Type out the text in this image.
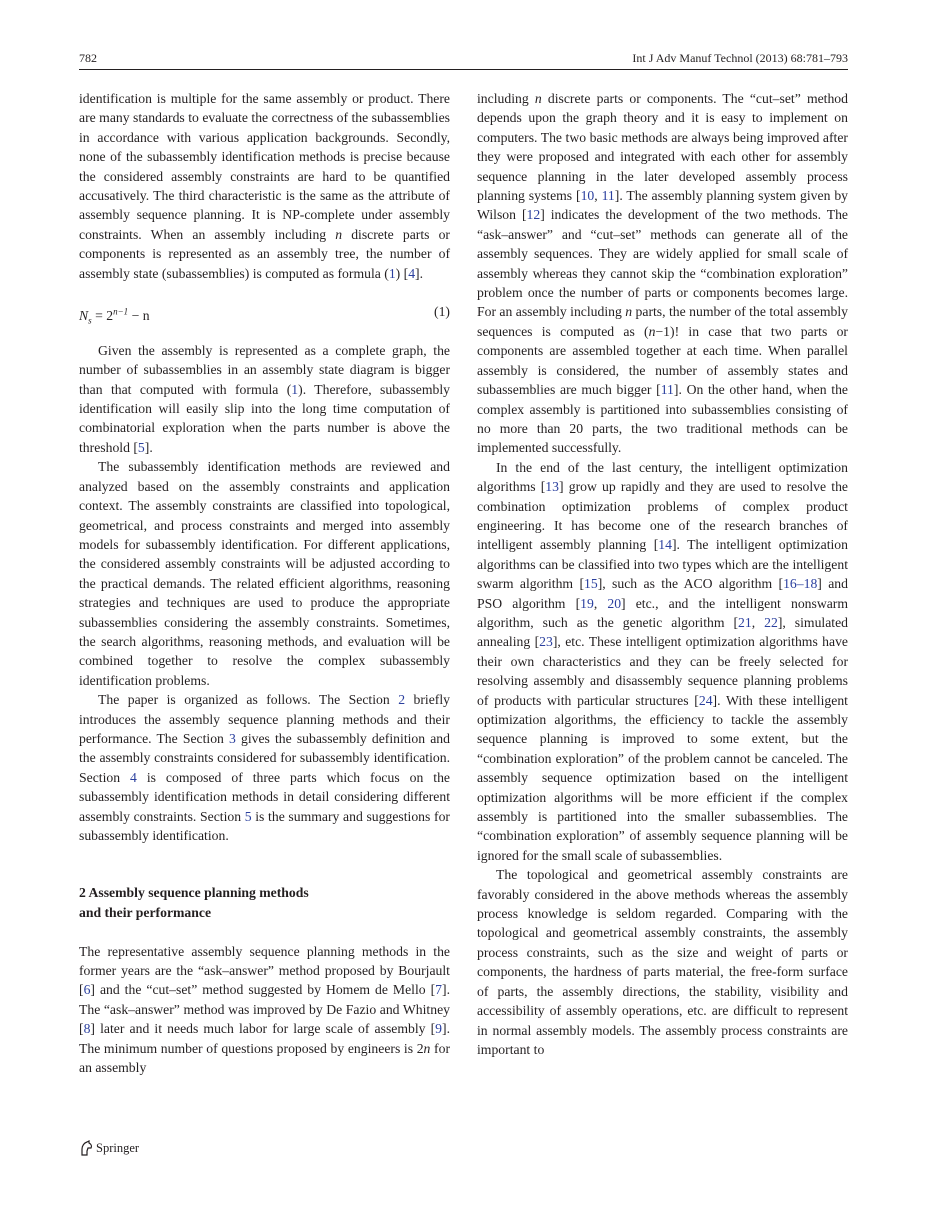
782	Int J Adv Manuf Technol (2013) 68:781–793

identification is multiple for the same assembly or product. There are many standards to evaluate the correctness of the subassemblies in accordance with various application backgrounds. Secondly, none of the subassembly identification methods is precise because the considered assembly constraints are hard to be quantified accusatively. The third characteristic is the same as the attribute of assembly sequence planning. It is NP-complete under assembly constraints. When an assembly including n discrete parts or components is represented as an assembly tree, the number of assembly state (subassemblies) is computed as formula (1) [4].

$N_s = 2^{n-1} - n$	(1)

Given the assembly is represented as a complete graph, the number of subassemblies in an assembly state diagram is bigger than that computed with formula (1). Therefore, subassembly identification will easily slip into the long time computation of combinatorial exploration when the parts number is above the threshold [5].

The subassembly identification methods are reviewed and analyzed based on the assembly constraints and application context. The assembly constraints are classified into topological, geometrical, and process constraints and merged into assembly models for subassembly identification. For different applications, the considered assembly constraints will be adjusted according to the practical demands. The related efficient algorithms, reasoning strategies and techniques are used to produce the appropriate subassemblies considering the assembly constraints. Sometimes, the search algorithms, reasoning methods, and evaluation will be combined together to resolve the complex subassembly identification problems.

The paper is organized as follows. The Section 2 briefly introduces the assembly sequence planning methods and their performance. The Section 3 gives the subassembly definition and the assembly constraints considered for subassembly identification. Section 4 is composed of three parts which focus on the subassembly identification methods in detail considering different assembly constraints. Section 5 is the summary and suggestions for subassembly identification.

2 Assembly sequence planning methods
and their performance

The representative assembly sequence planning methods in the former years are the “ask–answer” method proposed by Bourjault [6] and the “cut–set” method suggested by Homem de Mello [7]. The “ask–answer” method was improved by De Fazio and Whitney [8] later and it needs much labor for large scale of assembly [9]. The minimum number of questions proposed by engineers is 2n for an assembly

including n discrete parts or components. The “cut–set” method depends upon the graph theory and it is easy to implement on computers. The two basic methods are always being improved after they were proposed and integrated with each other for assembly sequence planning in the later developed assembly process planning systems [10, 11]. The assembly planning system given by Wilson [12] indicates the development of the two methods. The “ask–answer” and “cut–set” methods can generate all of the assembly sequences. They are widely applied for small scale of assembly whereas they cannot skip the “combination exploration” problem once the number of parts or components becomes large. For an assembly including n parts, the number of the total assembly sequences is computed as (n−1)! in case that two parts or components are assembled together at each time. When parallel assembly is considered, the number of assembly states and subassemblies are much bigger [11]. On the other hand, when the complex assembly is partitioned into subassemblies consisting of no more than 20 parts, the two traditional methods can be implemented successfully.

In the end of the last century, the intelligent optimization algorithms [13] grow up rapidly and they are used to resolve the combination optimization problems of complex product engineering. It has become one of the research branches of intelligent assembly planning [14]. The intelligent optimization algorithms can be classified into two types which are the intelligent swarm algorithm [15], such as the ACO algorithm [16–18] and PSO algorithm [19, 20] etc., and the intelligent nonswarm algorithm, such as the genetic algorithm [21, 22], simulated annealing [23], etc. These intelligent optimization algorithms have their own characteristics and they can be freely selected for resolving assembly and disassembly sequence planning problems of products with particular structures [24]. With these intelligent optimization algorithms, the efficiency to tackle the assembly sequence planning is improved to some extent, but the “combination exploration” of the problem cannot be canceled. The assembly sequence optimization based on the intelligent optimization algorithms will be more efficient if the complex assembly is partitioned into the smaller subassemblies. The “combination exploration” of assembly sequence planning will be ignored for the small scale of subassemblies.

The topological and geometrical assembly constraints are favorably considered in the above methods whereas the assembly process knowledge is seldom regarded. Comparing with the topological and geometrical assembly constraints, the assembly process constraints, such as the size and weight of parts or components, the hardness of parts material, the free-form surface of parts, the assembly directions, the stability, visibility and accessibility of assembly operations, etc. are difficult to represent in normal assembly models. The assembly process constraints are important to

Springer
